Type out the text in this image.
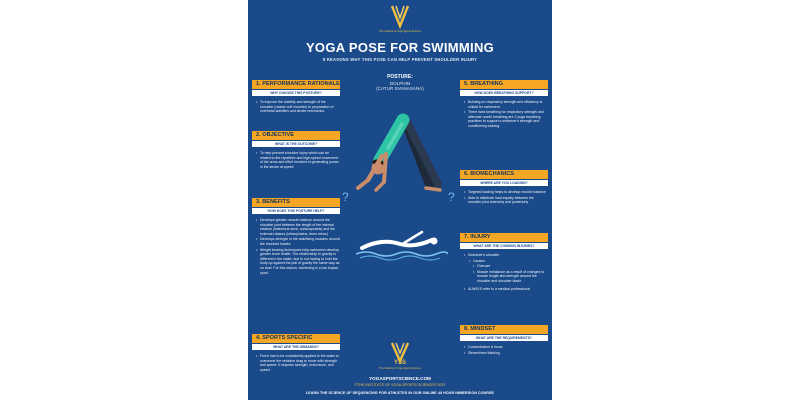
The Institute of Yoga Sports Science
YOGA POSE FOR SWIMMING
8 REASONS WHY THIS POSE CAN HELP PREVENT SHOULDER INJURY
POSTURE:
DOLPHIN
(CATUR SVANASANA)
?	?
1. PERFORMANCE RATIONALE
WHY CHOOSE THIS POSTURE?
• To improve the stability and strength of the shoulder (rotator cuff muscles) in preparation of overhead activities and stroke mechanics.
2. OBJECTIVE
WHAT IS THE OUTCOME?
• To help prevent shoulder injury which can be related to the repetitive and high-speed movement of the arms and effort involved in generating power in the stroke at speed
3. BENEFITS
HOW DOES THIS POSTURE HELP?
• Develops greater muscle balance around the shoulder joint between the length of the internal rotators (latissimus dorsi, subscapularis) and the external rotators (infraspinatus, teres minor)
• Develops strength in the stabilising muscles around the shoulder blades
• Weight bearing techniques help swimmers develop greater bone health. The relationship to gravity is different in the water, due to not having to hold the body up against the pull of gravity the same way as on land. For this reason, swimming is a low impact sport.
4. SPORTS SPECIFIC
WHAT ARE THE DEMANDS?
• Force has to be consistently applied to the water to overcome the resistive drag to move with strength and speed. It requires strength, endurance, and speed.
5. BREATHING
HOW DOES BREATHING SUPPORT?
• Building on respiratory strength and efficiency is critical for swimmers.
• There hard breathing for respiratory strength and alternate nostril breathing are 2 yoga breathing practices to support a swimmer's strength and conditioning training.
6. BIOMECHANICS
WHERE ARE YOU LOADING?
• Targeted loading helps to develop muscle balance
• Able to distribute load equally between the shoulder joint anteriorly and posteriorly
7. INJURY
WHAT ARE THE COMMON INJURIES?
• Swimmer's shoulder
• Causes
• Overuse
• Muscle imbalance as a result of changes to muscle length and strength around the shoulder and shoulder blade
• ALWAYS refer to a medical professional
8. MINDSET
WHAT ARE THE REQUIREMENTS?
• Concentration & focus
• Streamlined thinking
YSS
The Institute of Yoga Sports Science
YOGASPORTSCIENCE.COM
©THE INSTITUTE OF YOGA SPORTS SCIENCE® 2022
LEARN THE SCIENCE OF SEQUENCING FOR ATHLETES IN OUR ONLINE 40 HOUR IMMERSION COURSE
